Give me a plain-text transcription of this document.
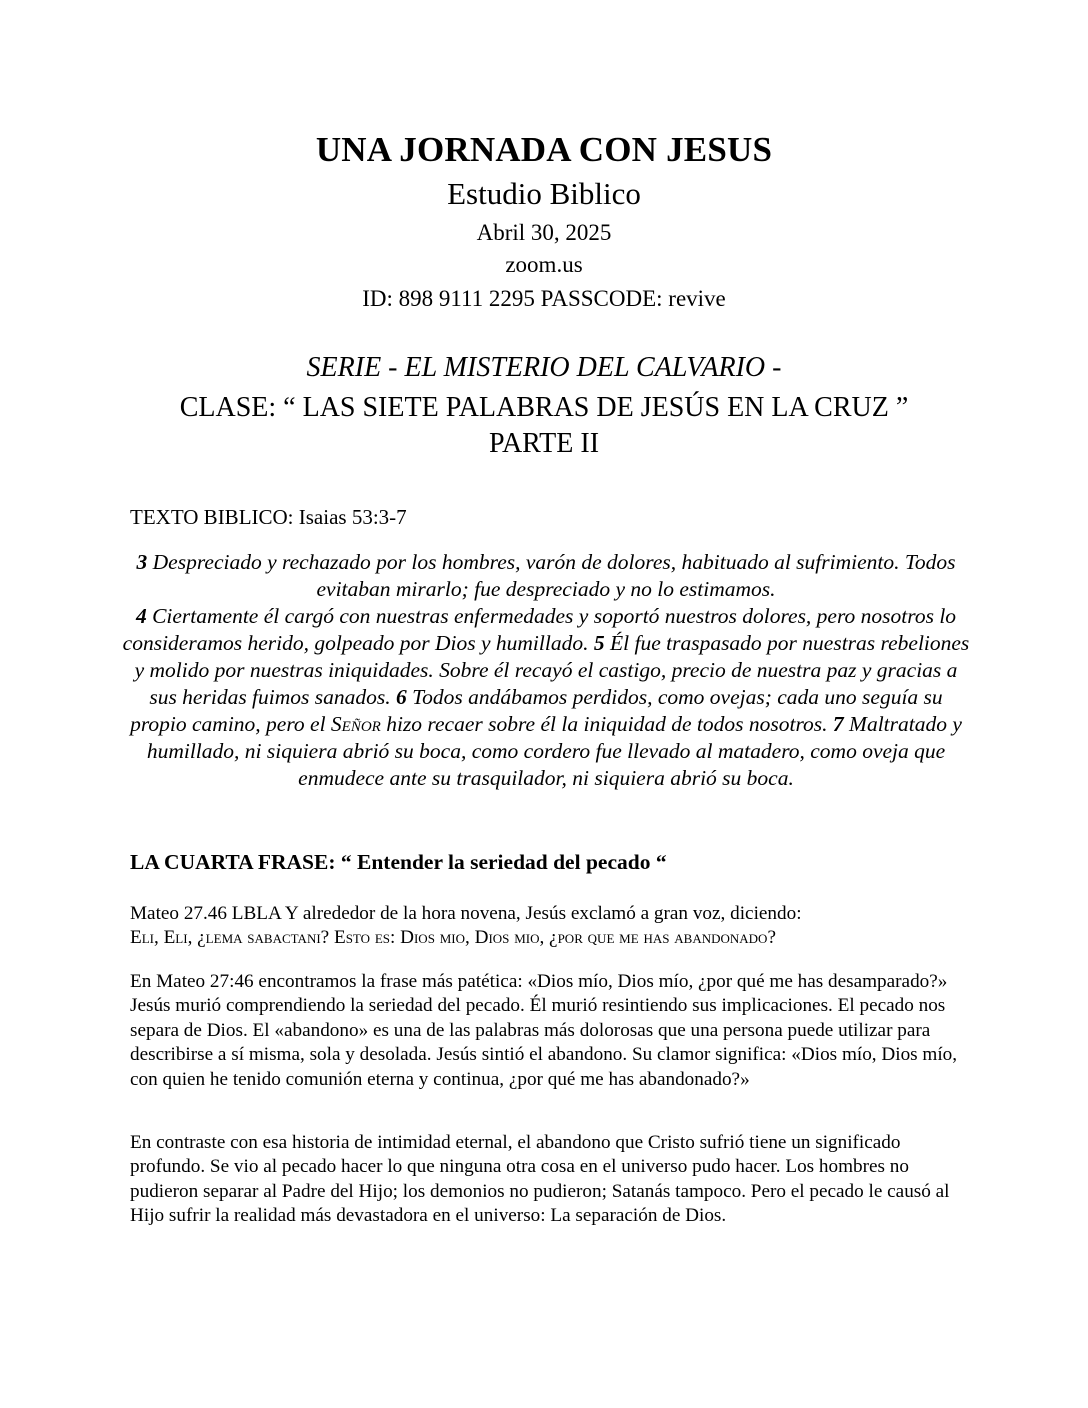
UNA JORNADA CON JESUS
Estudio Biblico
Abril 30, 2025
zoom.us
ID: 898 9111 2295 PASSCODE: revive
SERIE - EL MISTERIO DEL CALVARIO -
CLASE: “ LAS SIETE PALABRAS DE JESÚS EN LA CRUZ ”
PARTE II
TEXTO BIBLICO: Isaias 53:3-7
3 Despreciado y rechazado por los hombres, varón de dolores, habituado al sufrimiento. Todos evitaban mirarlo; fue despreciado y no lo estimamos.
4 Ciertamente él cargó con nuestras enfermedades y soportó nuestros dolores, pero nosotros lo consideramos herido, golpeado por Dios y humillado. 5 Él fue traspasado por nuestras rebeliones y molido por nuestras iniquidades. Sobre él recayó el castigo, precio de nuestra paz y gracias a sus heridas fuimos sanados. 6 Todos andábamos perdidos, como ovejas; cada uno seguía su propio camino, pero el Señor hizo recaer sobre él la iniquidad de todos nosotros. 7 Maltratado y humillado, ni siquiera abrió su boca, como cordero fue llevado al matadero, como oveja que enmudece ante su trasquilador, ni siquiera abrió su boca.
LA CUARTA FRASE: “ Entender la seriedad del pecado “

Mateo 27.46 LBLA Y alrededor de la hora novena, Jesús exclamó a gran voz, diciendo:

Eli, Eli, ¿lema sabactani? Esto es: Dios mio, Dios mio, ¿por que me has abandonado?

En Mateo 27:46 encontramos la frase más patética: «Dios mío, Dios mío, ¿por qué me has desamparado?» Jesús murió comprendiendo la seriedad del pecado. Él murió resintiendo sus implicaciones. El pecado nos separa de Dios. El «abandono» es una de las palabras más dolorosas que una persona puede utilizar para describirse a sí misma, sola y desolada. Jesús sintió el abandono. Su clamor significa: «Dios mío, Dios mío, con quien he tenido comunión eterna y continua, ¿por qué me has abandonado?»

En contraste con esa historia de intimidad eternal, el abandono que Cristo sufrió tiene un significado profundo. Se vio al pecado hacer lo que ninguna otra cosa en el universo pudo hacer. Los hombres no pudieron separar al Padre del Hijo; los demonios no pudieron; Satanás tampoco. Pero el pecado le causó al Hijo sufrir la realidad más devastadora en el universo: La separación de Dios.
